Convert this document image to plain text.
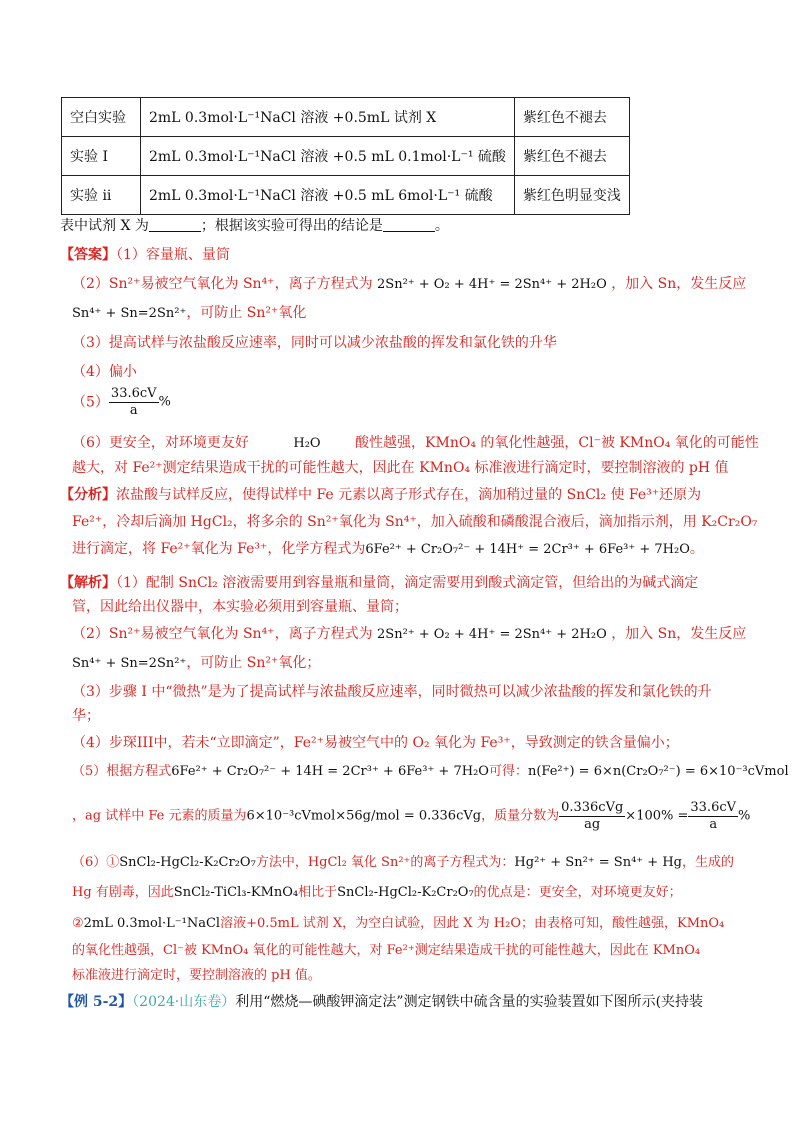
空白实验	2mL 0.3mol·L⁻¹NaCl 溶液 +0.5mL 试剂 X	紫红色不褪去
实验 I	2mL 0.3mol·L⁻¹NaCl 溶液 +0.5 mL 0.1mol·L⁻¹ 硫酸	紫红色不褪去
实验 ii	2mL 0.3mol·L⁻¹NaCl 溶液 +0.5 mL 6mol·L⁻¹ 硫酸	紫红色明显变浅
表中试剂 X 为	；根据该实验可得出的结论是	。
【答案】（1）容量瓶、量筒
（2）Sn²⁺易被空气氧化为 Sn⁴⁺，离子方程式为 2Sn²⁺ + O₂ + 4H⁺ = 2Sn⁴⁺ + 2H₂O ，加入 Sn，发生反应
Sn⁴⁺ + Sn=2Sn²⁺，可防止 Sn²⁺氧化
（3）提高试样与浓盐酸反应速率，同时可以减少浓盐酸的挥发和氯化铁的升华
（4）偏小
$(5) \frac{33.6cV}{a}$ %
（6）更安全，对环境更友好	H₂O 酸性越强，KMnO₄ 的氧化性越强，Cl⁻被 KMnO₄ 氧化的可能性
越大，对 Fe²⁺测定结果造成干扰的可能性越大，因此在 KMnO₄ 标准液进行滴定时，要控制溶液的 pH 值
【分析】浓盐酸与试样反应，使得试样中 Fe 元素以离子形式存在，滴加稍过量的 SnCl₂ 使 Fe³⁺还原为
Fe²⁺，冷却后滴加 HgCl₂，将多余的 Sn²⁺氧化为 Sn⁴⁺，加入硫酸和磷酸混合液后，滴加指示剂，用 K₂Cr₂O₇
进行滴定，将 Fe²⁺氧化为 Fe³⁺，化学方程式为6Fe²⁺ + Cr₂O₇²⁻ + 14H⁺ = 2Cr³⁺ + 6Fe³⁺ + 7H₂O。
【解析】（1）配制 SnCl₂ 溶液需要用到容量瓶和量筒，滴定需要用到酸式滴定管，但给出的为碱式滴定
管，因此给出仪器中，本实验必须用到容量瓶、量筒；
（2）Sn²⁺易被空气氧化为 Sn⁴⁺，离子方程式为 2Sn²⁺ + O₂ + 4H⁺ = 2Sn⁴⁺ + 2H₂O ，加入 Sn，发生反应
Sn⁴⁺ + Sn=2Sn²⁺，可防止 Sn²⁺氧化；
（3）步骤 I 中“微热”是为了提高试样与浓盐酸反应速率，同时微热可以减少浓盐酸的挥发和氯化铁的升
华；
（4）步琛III中，若未“立即滴定”，Fe²⁺易被空气中的 O₂ 氧化为 Fe³⁺，导致测定的铁含量偏小；
（5）根据方程式6Fe²⁺ + Cr₂O₇²⁻ + 14H = 2Cr³⁺ + 6Fe³⁺ + 7H₂O可得：n(Fe²⁺) = 6×n(Cr₂O₇²⁻) = 6×10⁻³cVmol
，ag 试样中 Fe 元素的质量为6×10⁻³cVmol×56g/mol = 0.336cVg，质量分数为 $\frac{\text{0.336cVg}}{ag} \times 100\% = \frac{33.6cV}{a}$ %
（6）①SnCl₂-HgCl₂-K₂Cr₂O₇方法中，HgCl₂ 氧化 Sn²⁺的离子方程式为：Hg²⁺ + Sn²⁺ = Sn⁴⁺ + Hg，生成的
Hg 有剧毒，因此SnCl₂-TiCl₃-KMnO₄相比于SnCl₂-HgCl₂-K₂Cr₂O₇的优点是：更安全，对环境更友好；
②2mL 0.3mol·L⁻¹NaCl溶液+0.5mL 试剂 X，为空白试验，因此 X 为 H₂O；由表格可知，酸性越强，KMnO₄
的氧化性越强，Cl⁻被 KMnO₄ 氧化的可能性越大，对 Fe²⁺测定结果造成干扰的可能性越大，因此在 KMnO₄
标准液进行滴定时，要控制溶液的 pH 值。
【例 5-2】（2024·山东卷）利用“燃烧—碘酸钾滴定法”测定钢铁中硫含量的实验装置如下图所示(夹持装
